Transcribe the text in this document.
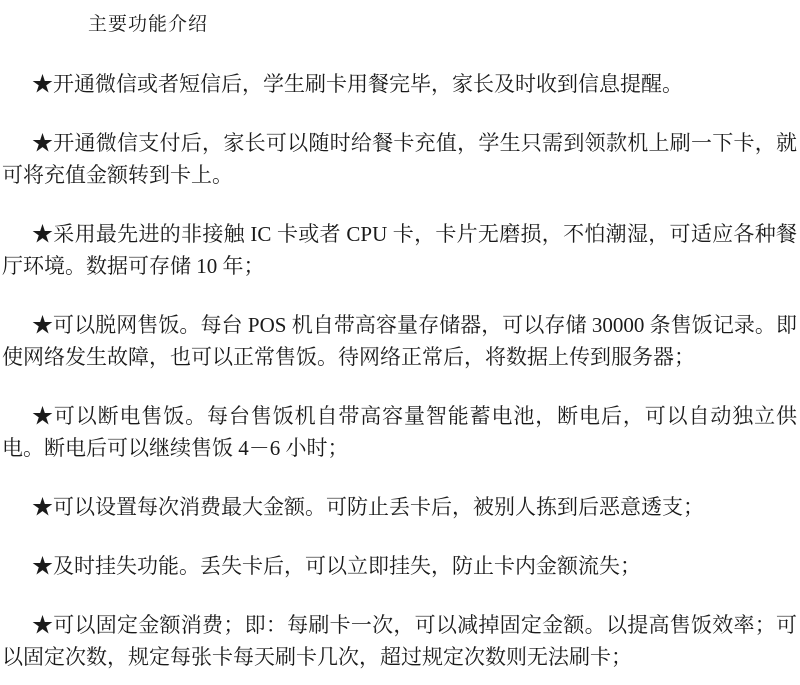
主要功能介绍

★开通微信或者短信后，学生刷卡用餐完毕，家长及时收到信息提醒。

★开通微信支付后，家长可以随时给餐卡充值，学生只需到领款机上刷一下卡，就可将充值金额转到卡上。

★采用最先进的非接触 IC 卡或者 CPU 卡，卡片无磨损，不怕潮湿，可适应各种餐厅环境。数据可存储 10 年；

★可以脱网售饭。每台 POS 机自带高容量存储器，可以存储 30000 条售饭记录。即使网络发生故障，也可以正常售饭。待网络正常后，将数据上传到服务器；

★可以断电售饭。每台售饭机自带高容量智能蓄电池，断电后，可以自动独立供电。断电后可以继续售饭 4－6 小时；

★可以设置每次消费最大金额。可防止丢卡后，被别人拣到后恶意透支；

★及时挂失功能。丢失卡后，可以立即挂失，防止卡内金额流失；

★可以固定金额消费；即：每刷卡一次，可以减掉固定金额。以提高售饭效率；可以固定次数，规定每张卡每天刷卡几次，超过规定次数则无法刷卡；
